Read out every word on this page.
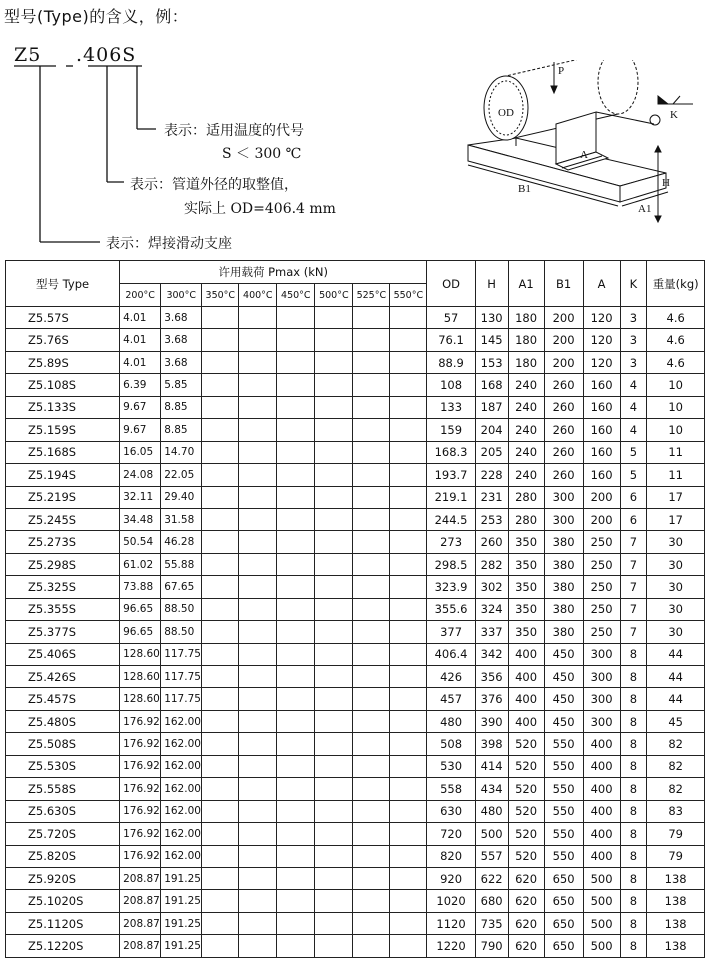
型号(Type)的含义，例：
Z5 .406S
表示：适用温度的代号
S ＜ 300 ℃
表示：管道外径的取整值，
实际上 OD=406.4 mm
表示：焊接滑动支座
P
OD
A
K
H
B1
A1
型号 Type	许用载荷 Pmax (kN)								OD	H	A1	B1	A	K	重量(kg)
	200°C	300°C	350°C	400°C	450°C	500°C	525°C	550°C							
Z5.57S	4.01	3.68							57	130	180	200	120	3	4.6
Z5.76S	4.01	3.68							76.1	145	180	200	120	3	4.6
Z5.89S	4.01	3.68							88.9	153	180	200	120	3	4.6
Z5.108S	6.39	5.85							108	168	240	260	160	4	10
Z5.133S	9.67	8.85							133	187	240	260	160	4	10
Z5.159S	9.67	8.85							159	204	240	260	160	4	10
Z5.168S	16.05	14.70							168.3	205	240	260	160	5	11
Z5.194S	24.08	22.05							193.7	228	240	260	160	5	11
Z5.219S	32.11	29.40							219.1	231	280	300	200	6	17
Z5.245S	34.48	31.58							244.5	253	280	300	200	6	17
Z5.273S	50.54	46.28							273	260	350	380	250	7	30
Z5.298S	61.02	55.88							298.5	282	350	380	250	7	30
Z5.325S	73.88	67.65							323.9	302	350	380	250	7	30
Z5.355S	96.65	88.50							355.6	324	350	380	250	7	30
Z5.377S	96.65	88.50							377	337	350	380	250	7	30
Z5.406S	128.60	117.75							406.4	342	400	450	300	8	44
Z5.426S	128.60	117.75							426	356	400	450	300	8	44
Z5.457S	128.60	117.75							457	376	400	450	300	8	44
Z5.480S	176.92	162.00							480	390	400	450	300	8	45
Z5.508S	176.92	162.00							508	398	520	550	400	8	82
Z5.530S	176.92	162.00							530	414	520	550	400	8	82
Z5.558S	176.92	162.00							558	434	520	550	400	8	82
Z5.630S	176.92	162.00							630	480	520	550	400	8	83
Z5.720S	176.92	162.00							720	500	520	550	400	8	79
Z5.820S	176.92	162.00							820	557	520	550	400	8	79
Z5.920S	208.87	191.25							920	622	620	650	500	8	138
Z5.1020S	208.87	191.25							1020	680	620	650	500	8	138
Z5.1120S	208.87	191.25							1120	735	620	650	500	8	138
Z5.1220S	208.87	191.25							1220	790	620	650	500	8	138
